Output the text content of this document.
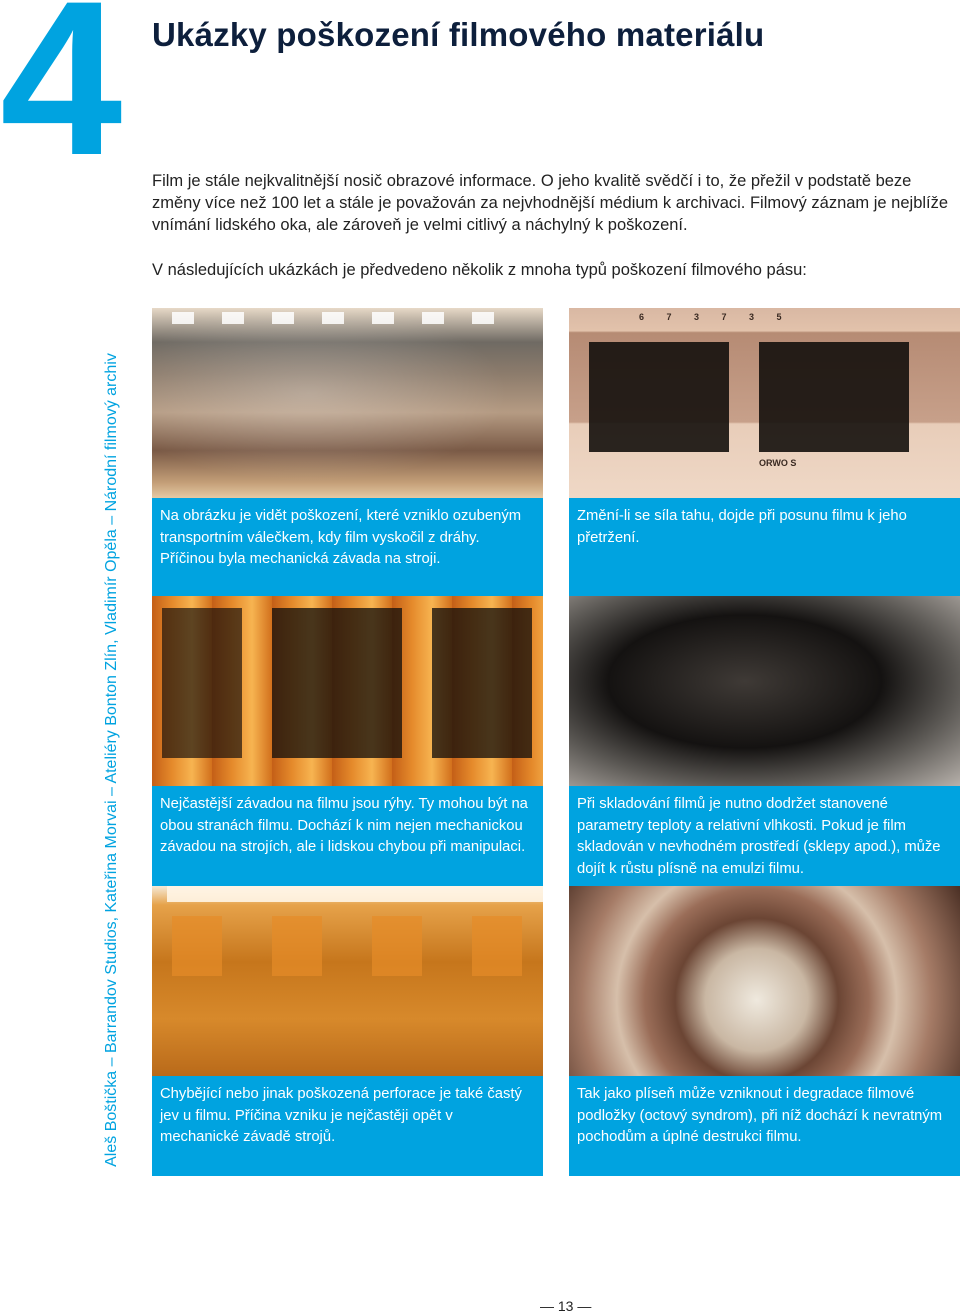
4	Ukázky poškození filmového materiálu

Film je stále nejkvalitnější nosič obrazové informace. O jeho kvalitě svědčí i to, že přežil v podstatě beze změny více než 100 let a stále je považován za nejvhodnější médium k archivaci. Filmový záznam je nejblíže vnímání lidského oka, ale zároveň je velmi citlivý a náchylný k poškození.

V následujících ukázkách je předvedeno několik z mnoha typů poškození filmového pásu:

Aleš Boštička – Barrandov Studios, Kateřina Morvai – Ateliéry Bonton Zlín, Vladimír Opěla – Národní filmový archiv	Na obrázku je vidět poškození, které vzniklo ozubeným transportním válečkem, kdy film vyskočil z dráhy. Příčinou byla mechanická závada na stroji.

6 7 3 7 3 5
ORWO S

Změní-li se síla tahu, dojde při posunu filmu k jeho přetržení.

Nejčastější závadou na filmu jsou rýhy. Ty mohou být na obou stranách filmu. Dochází k nim nejen mechanickou závadou na strojích, ale i lidskou chybou při manipulaci.

Při skladování filmů je nutno dodržet stanovené parametry teploty a relativní vlhkosti. Pokud je film skladován v nevhodném prostředí (sklepy apod.), může dojít k růstu plísně na emulzi filmu.

Chybějící nebo jinak poškozená perforace je také častý jev u filmu. Příčina vzniku je nejčastěji opět v mechanické závadě strojů.

Tak jako plíseň může vzniknout i degradace filmové podložky (octový syndrom), při níž dochází k nevratným pochodům a úplné destrukci filmu.

— 13 —
